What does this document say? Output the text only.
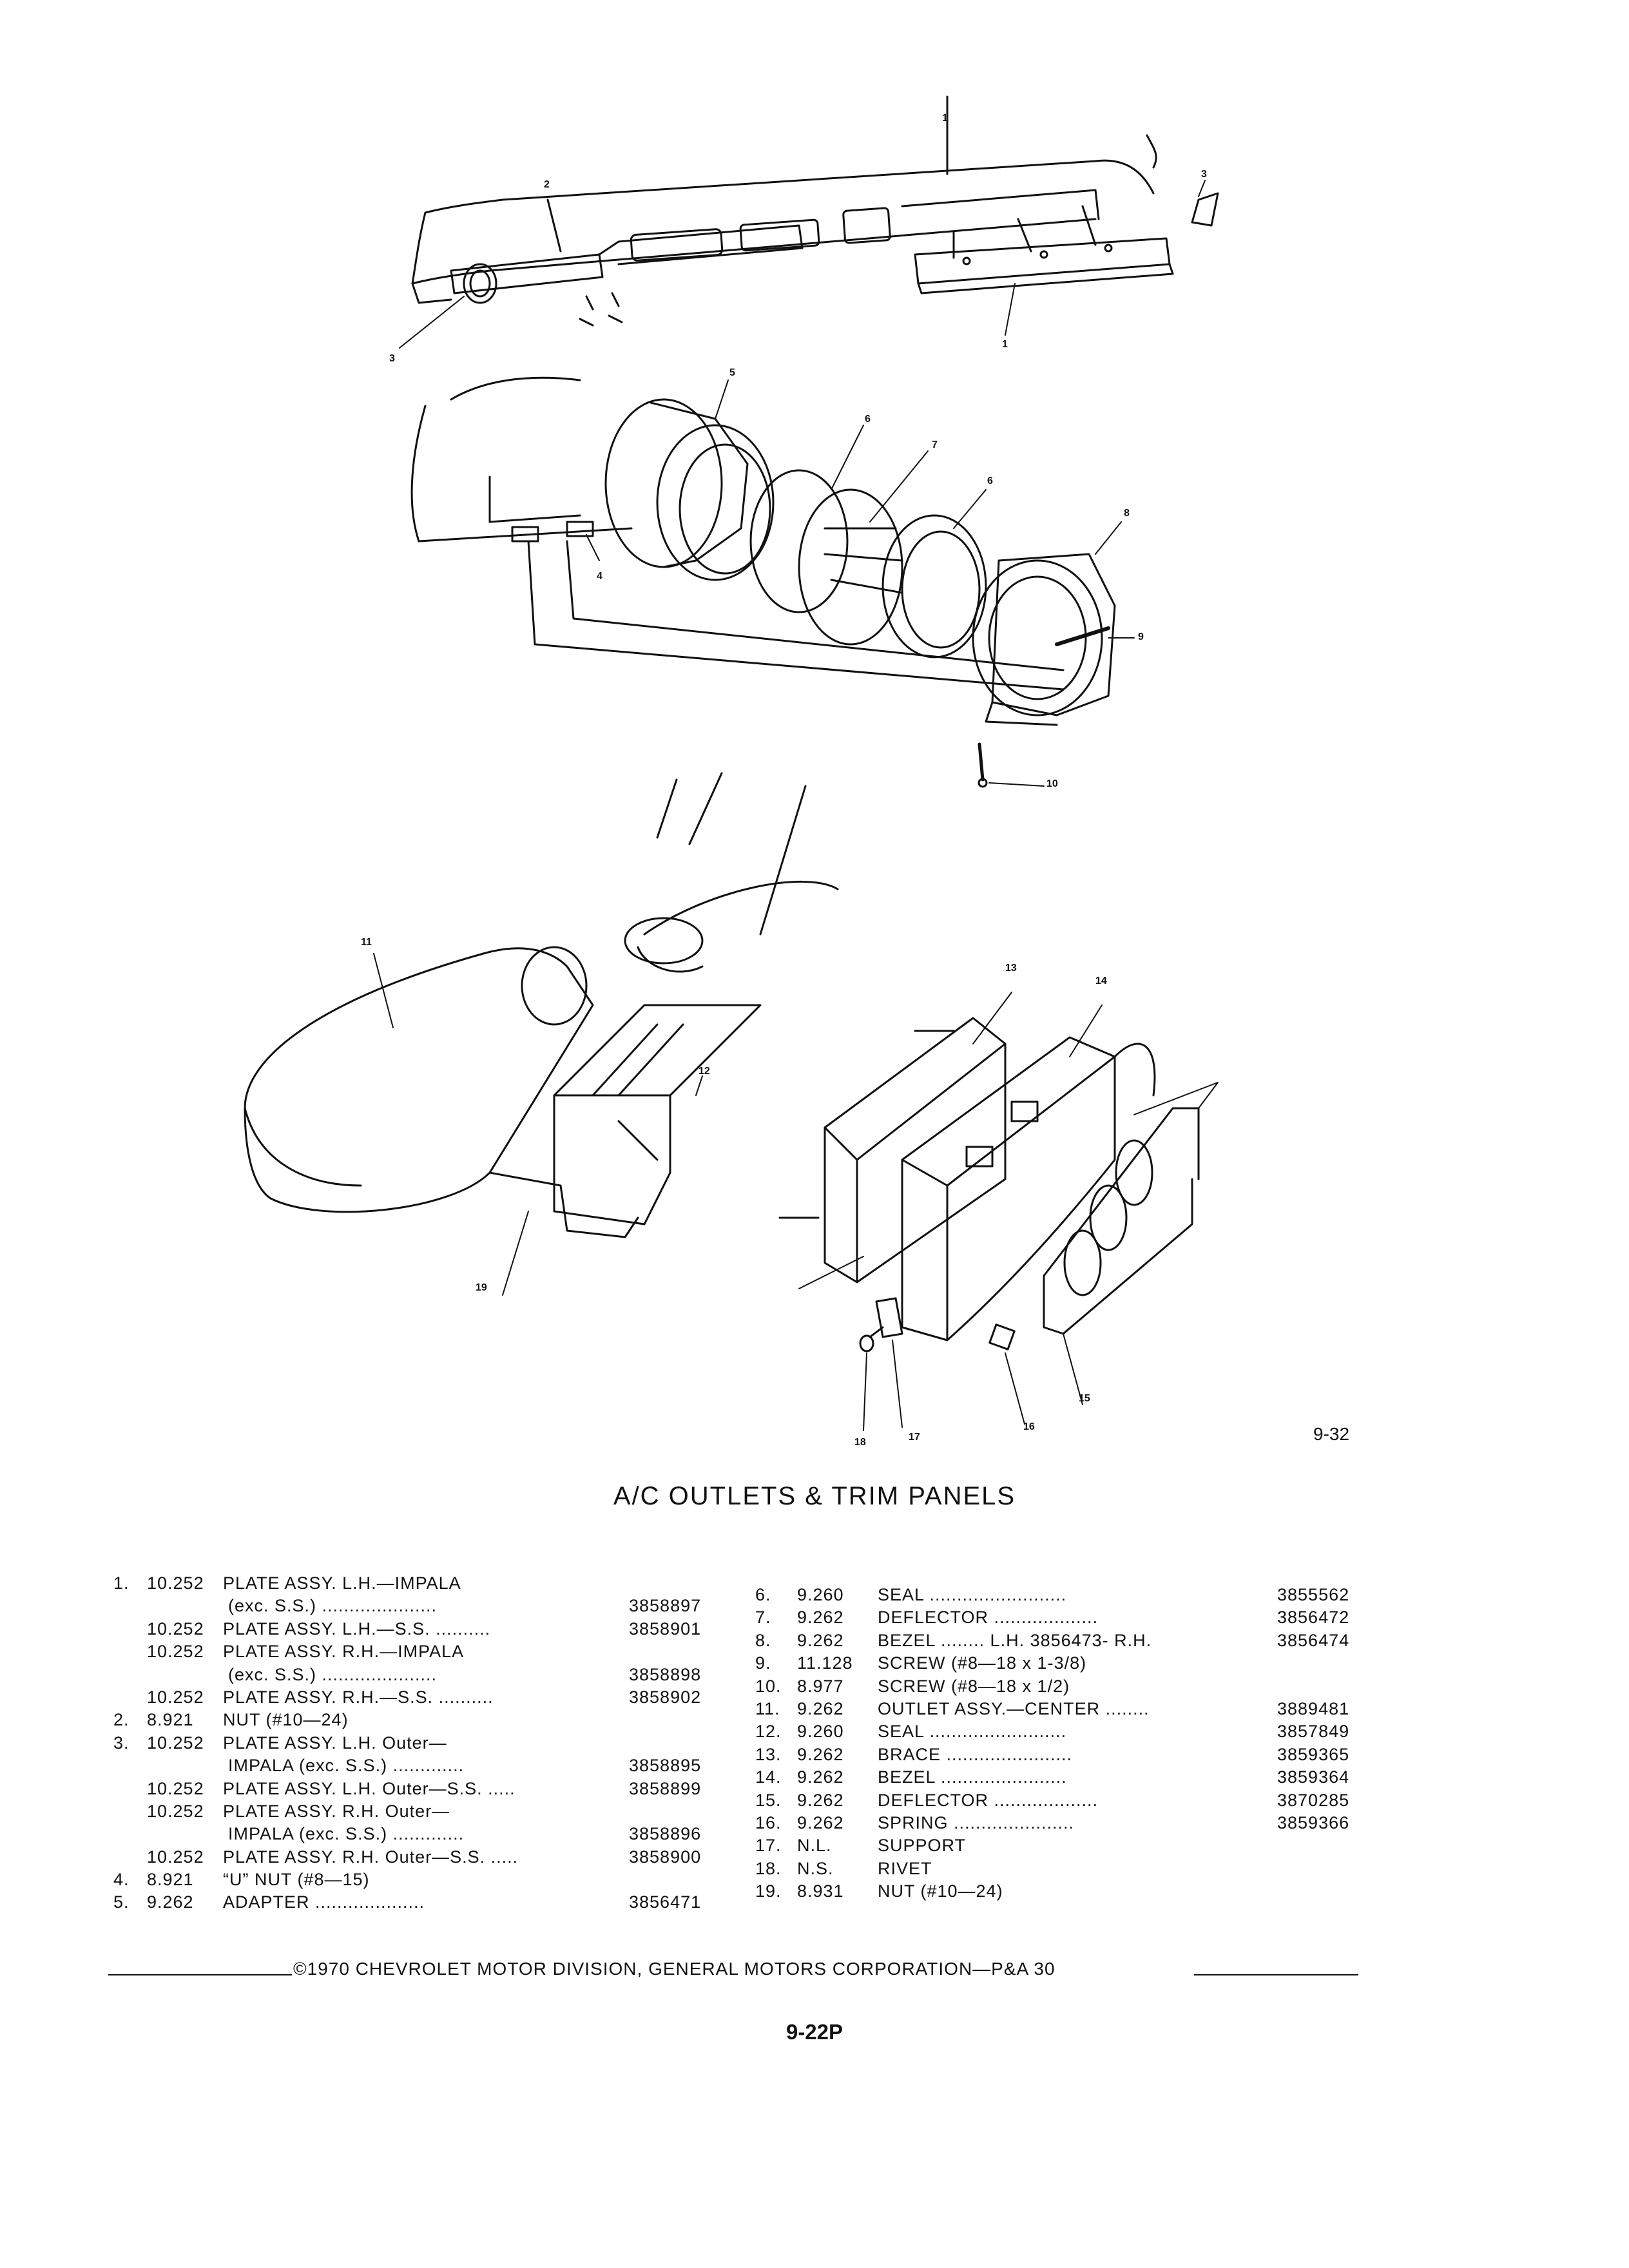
1
2
3
3
1
5
6
7
6
8
4
9
10
11
13
14
12
19
15
16
18	17	9-32
A/C OUTLETS & TRIM PANELS
1.	10.252 PLATE ASSY. L.H.—IMPALA
(exc. S.S.) .....................	3858897
10.252 PLATE ASSY. L.H.—S.S. ..........	3858901
10.252 PLATE ASSY. R.H.—IMPALA
(exc. S.S.) .....................	3858898
10.252 PLATE ASSY. R.H.—S.S. ..........	3858902
2.	8.921 NUT (#10—24)
3.	10.252 PLATE ASSY. L.H. Outer—
IMPALA (exc. S.S.) .............	3858895
10.252 PLATE ASSY. L.H. Outer—S.S. .....	3858899
10.252 PLATE ASSY. R.H. Outer—
IMPALA (exc. S.S.) .............	3858896
10.252 PLATE ASSY. R.H. Outer—S.S. .....	3858900
4.	8.921 “U” NUT (#8—15)
5.	9.262 ADAPTER ....................	3856471
6.	9.260 SEAL .........................	3855562
7.	9.262 DEFLECTOR ...................	3856472
8.	9.262 BEZEL ........ L.H. 3856473- R.H.	3856474
9.	11.128 SCREW (#8—18 x 1-3/8)
10. 8.977 SCREW (#8—18 x 1/2)
11. 9.262 OUTLET ASSY.—CENTER ........	3889481
12. 9.260 SEAL .........................	3857849
13. 9.262 BRACE .......................	3859365
14. 9.262 BEZEL .......................	3859364
15. 9.262 DEFLECTOR ...................	3870285
16. 9.262 SPRING ......................	3859366
17. N.L.	SUPPORT
18. N.S.	RIVET
19. 8.931 NUT (#10—24)
©1970 CHEVROLET MOTOR DIVISION, GENERAL MOTORS CORPORATION—P&A 30
9-22P
